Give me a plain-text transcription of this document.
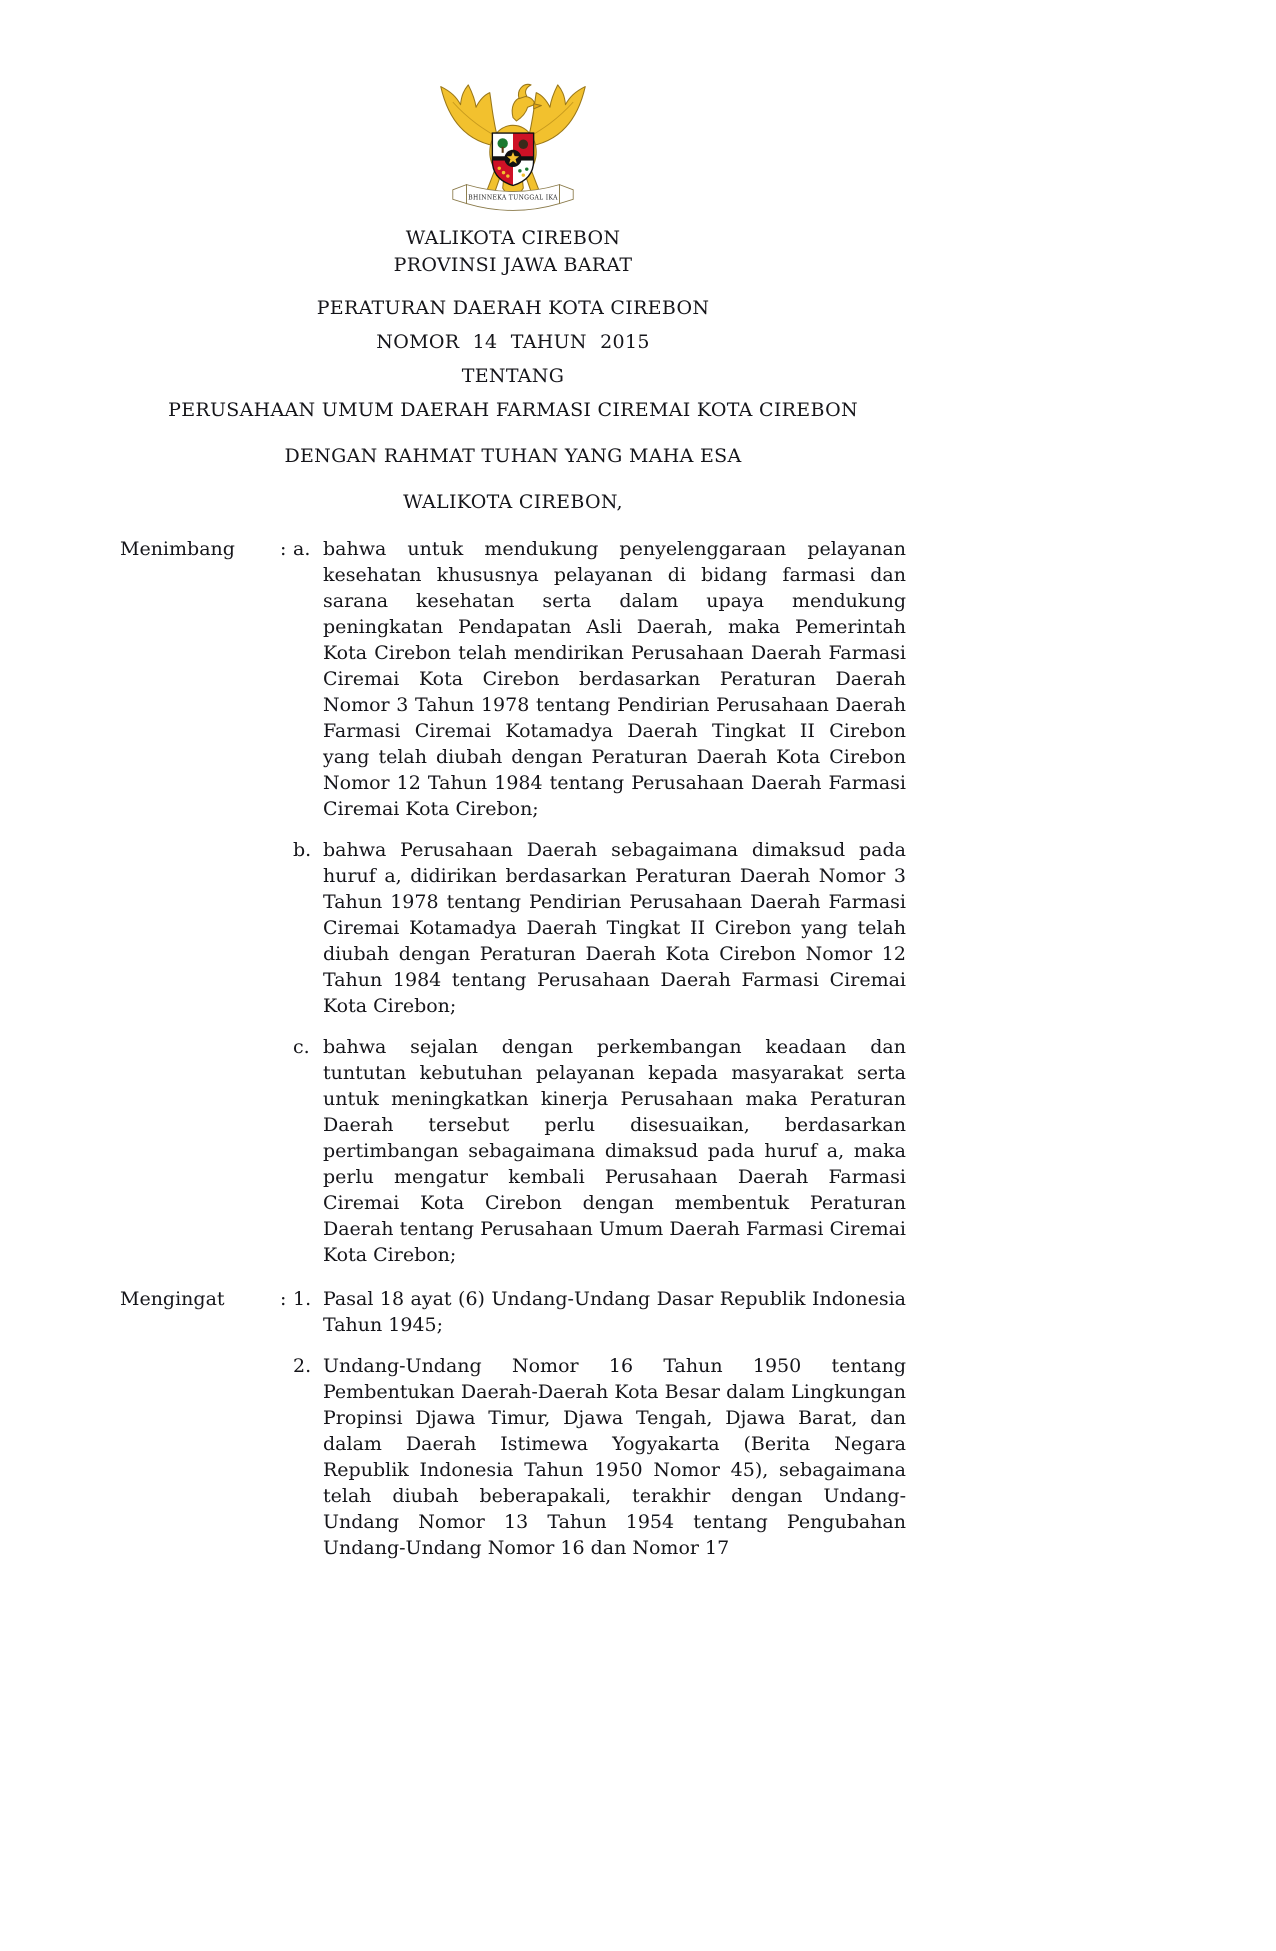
BHINNEKA TUNGGAL IKA
WALIKOTA CIREBON
PROVINSI JAWA BARAT
PERATURAN DAERAH KOTA CIREBON
NOMOR 14 TAHUN 2015
TENTANG
PERUSAHAAN UMUM DAERAH FARMASI CIREMAI KOTA CIREBON
DENGAN RAHMAT TUHAN YANG MAHA ESA
WALIKOTA CIREBON,
Menimbang	: a. bahwa untuk mendukung penyelenggaraan pelayanan kesehatan khususnya pelayanan di bidang farmasi dan sarana kesehatan serta dalam upaya mendukung peningkatan Pendapatan Asli Daerah, maka Pemerintah Kota Cirebon telah mendirikan Perusahaan Daerah Farmasi Ciremai Kota Cirebon berdasarkan Peraturan Daerah Nomor 3 Tahun 1978 tentang Pendirian Perusahaan Daerah Farmasi Ciremai Kotamadya Daerah Tingkat II Cirebon yang telah diubah dengan Peraturan Daerah Kota Cirebon Nomor 12 Tahun 1984 tentang Perusahaan Daerah Farmasi Ciremai Kota Cirebon;
b. bahwa Perusahaan Daerah sebagaimana dimaksud pada huruf a, didirikan berdasarkan Peraturan Daerah Nomor 3 Tahun 1978 tentang Pendirian Perusahaan Daerah Farmasi Ciremai Kotamadya Daerah Tingkat II Cirebon yang telah diubah dengan Peraturan Daerah Kota Cirebon Nomor 12 Tahun 1984 tentang Perusahaan Daerah Farmasi Ciremai Kota Cirebon;
c. bahwa sejalan dengan perkembangan keadaan dan tuntutan kebutuhan pelayanan kepada masyarakat serta untuk meningkatkan kinerja Perusahaan maka Peraturan Daerah tersebut perlu disesuaikan, berdasarkan pertimbangan sebagaimana dimaksud pada huruf a, maka perlu mengatur kembali Perusahaan Daerah Farmasi Ciremai Kota Cirebon dengan membentuk Peraturan Daerah tentang Perusahaan Umum Daerah Farmasi Ciremai Kota Cirebon;
Mengingat	: 1. Pasal 18 ayat (6) Undang-Undang Dasar Republik Indonesia Tahun 1945;
2. Undang-Undang Nomor 16 Tahun 1950 tentang Pembentukan Daerah-Daerah Kota Besar dalam Lingkungan Propinsi Djawa Timur, Djawa Tengah, Djawa Barat, dan dalam Daerah Istimewa Yogyakarta (Berita Negara Republik Indonesia Tahun 1950 Nomor 45), sebagaimana telah diubah beberapakali, terakhir dengan Undang-Undang Nomor 13 Tahun 1954 tentang Pengubahan Undang-Undang Nomor 16 dan Nomor 17
